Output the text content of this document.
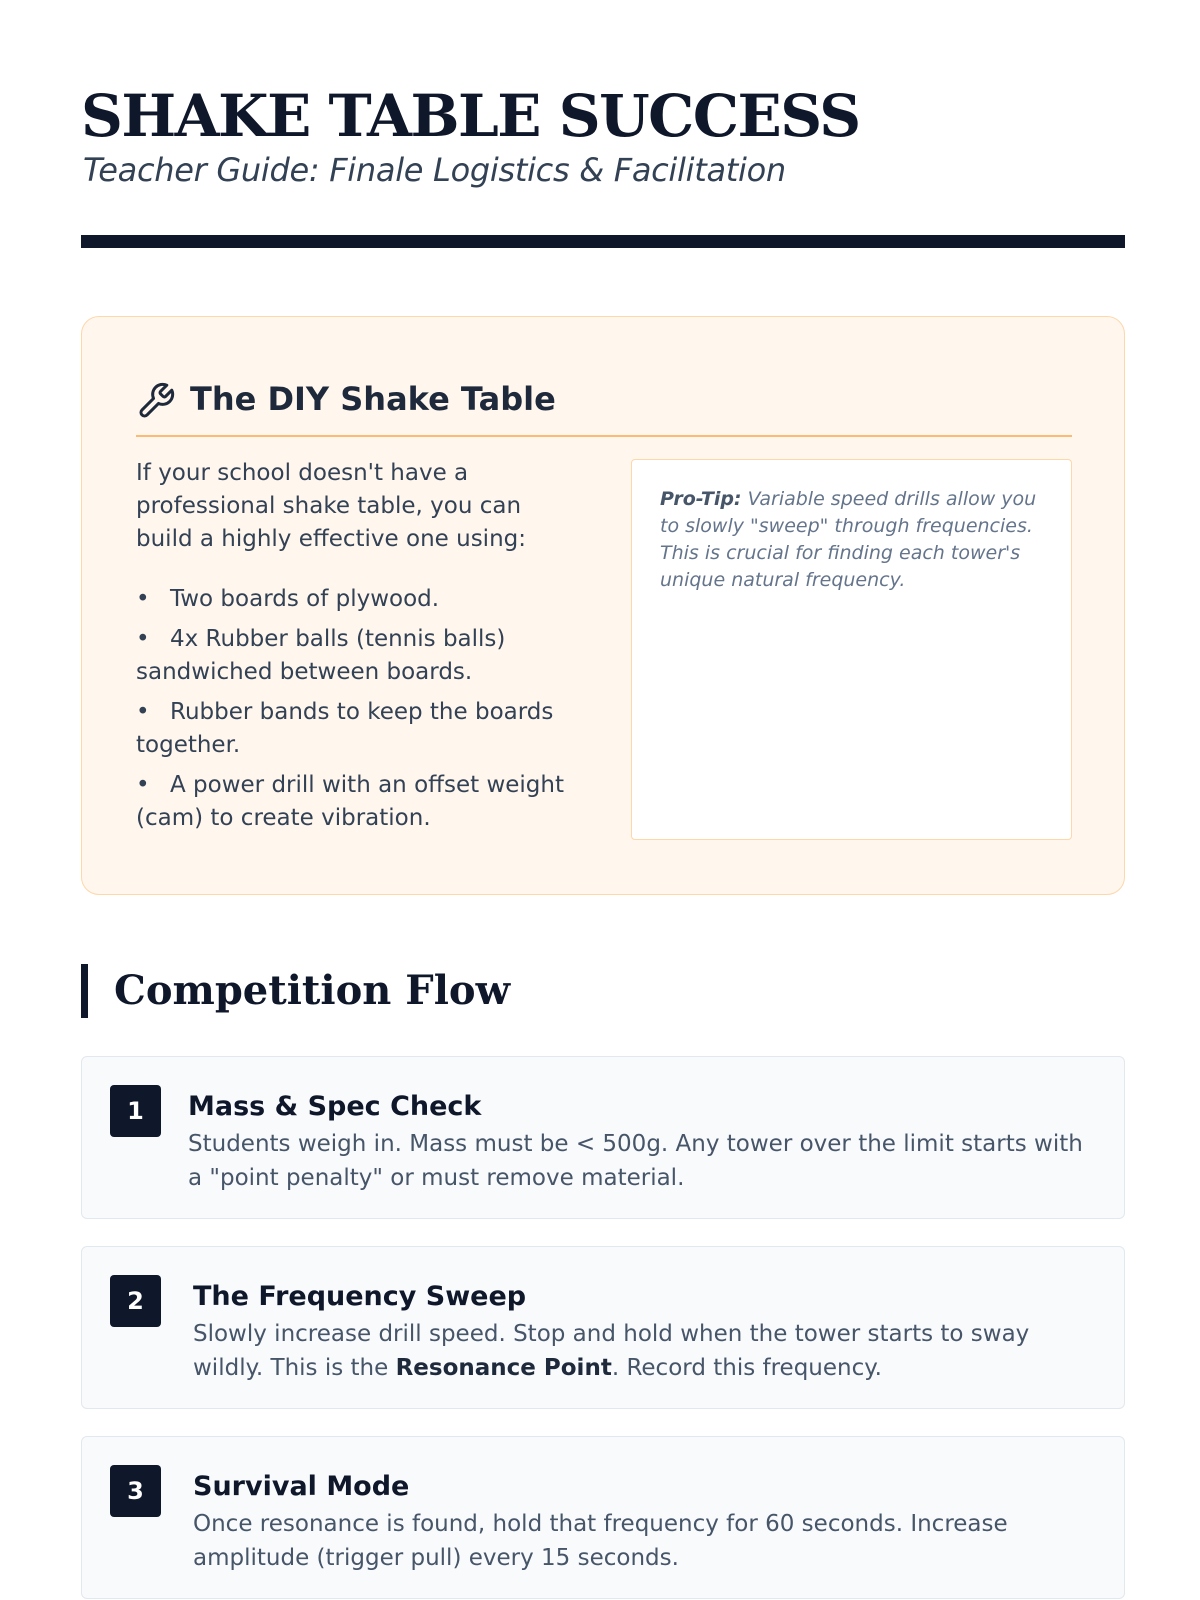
SHAKE TABLE SUCCESS
Teacher Guide: Finale Logistics & Facilitation
The DIY Shake Table

If your school doesn't have a professional shake table, you can build a highly effective one using:

• Two boards of plywood.
• 4x Rubber balls (tennis balls) sandwiched between boards.
• Rubber bands to keep the boards together.
• A power drill with an offset weight (cam) to create vibration.

Pro-Tip: Variable speed drills allow you to slowly "sweep" through frequencies. This is crucial for finding each tower's unique natural frequency.

Competition Flow
1	Mass & Spec Check
Students weigh in. Mass must be < 500g. Any tower over the limit starts with a "point penalty" or must remove material.
2	The Frequency Sweep
Slowly increase drill speed. Stop and hold when the tower starts to sway wildly. This is the Resonance Point. Record this frequency.
3	Survival Mode
Once resonance is found, hold that frequency for 60 seconds. Increase amplitude (trigger pull) every 15 seconds.
